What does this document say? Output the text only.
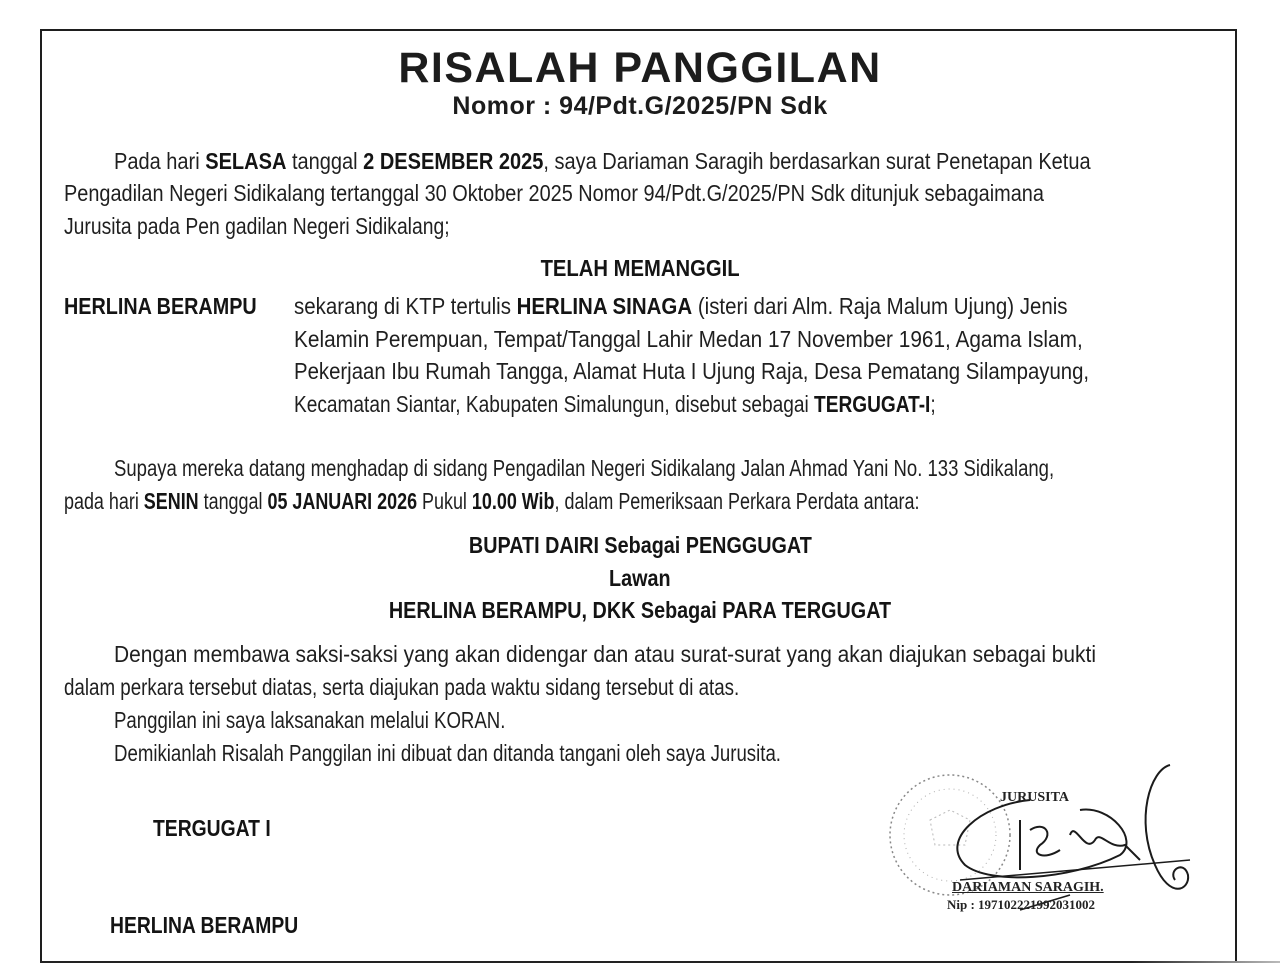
RISALAH PANGGILAN
Nomor : 94/Pdt.G/2025/PN Sdk
Pada hari SELASA tanggal 2 DESEMBER 2025, saya Dariaman Saragih berdasarkan surat Penetapan Ketua
Pengadilan Negeri Sidikalang tertanggal 30 Oktober 2025 Nomor 94/Pdt.G/2025/PN Sdk ditunjuk sebagaimana
Jurusita pada Pen gadilan Negeri Sidikalang;
TELAH MEMANGGIL
HERLINA BERAMPU	sekarang di KTP tertulis HERLINA SINAGA (isteri dari Alm. Raja Malum Ujung) Jenis
Kelamin Perempuan, Tempat/Tanggal Lahir Medan 17 November 1961, Agama Islam,
Pekerjaan Ibu Rumah Tangga, Alamat Huta I Ujung Raja, Desa Pematang Silampayung,
Kecamatan Siantar, Kabupaten Simalungun, disebut sebagai TERGUGAT-I;
Supaya mereka datang menghadap di sidang Pengadilan Negeri Sidikalang Jalan Ahmad Yani No. 133 Sidikalang,
pada hari SENIN tanggal 05 JANUARI 2026 Pukul 10.00 Wib, dalam Pemeriksaan Perkara Perdata antara:
BUPATI DAIRI Sebagai PENGGUGAT
Lawan
HERLINA BERAMPU, DKK Sebagai PARA TERGUGAT
Dengan membawa saksi-saksi yang akan didengar dan atau surat-surat yang akan diajukan sebagai bukti
dalam perkara tersebut diatas, serta diajukan pada waktu sidang tersebut di atas.
Panggilan ini saya laksanakan melalui KORAN.
Demikianlah Risalah Panggilan ini dibuat dan ditanda tangani oleh saya Jurusita.
TERGUGAT I
HERLINA BERAMPU
JURUSITA
DARIAMAN SARAGIH.
Nip : 197102221992031002
